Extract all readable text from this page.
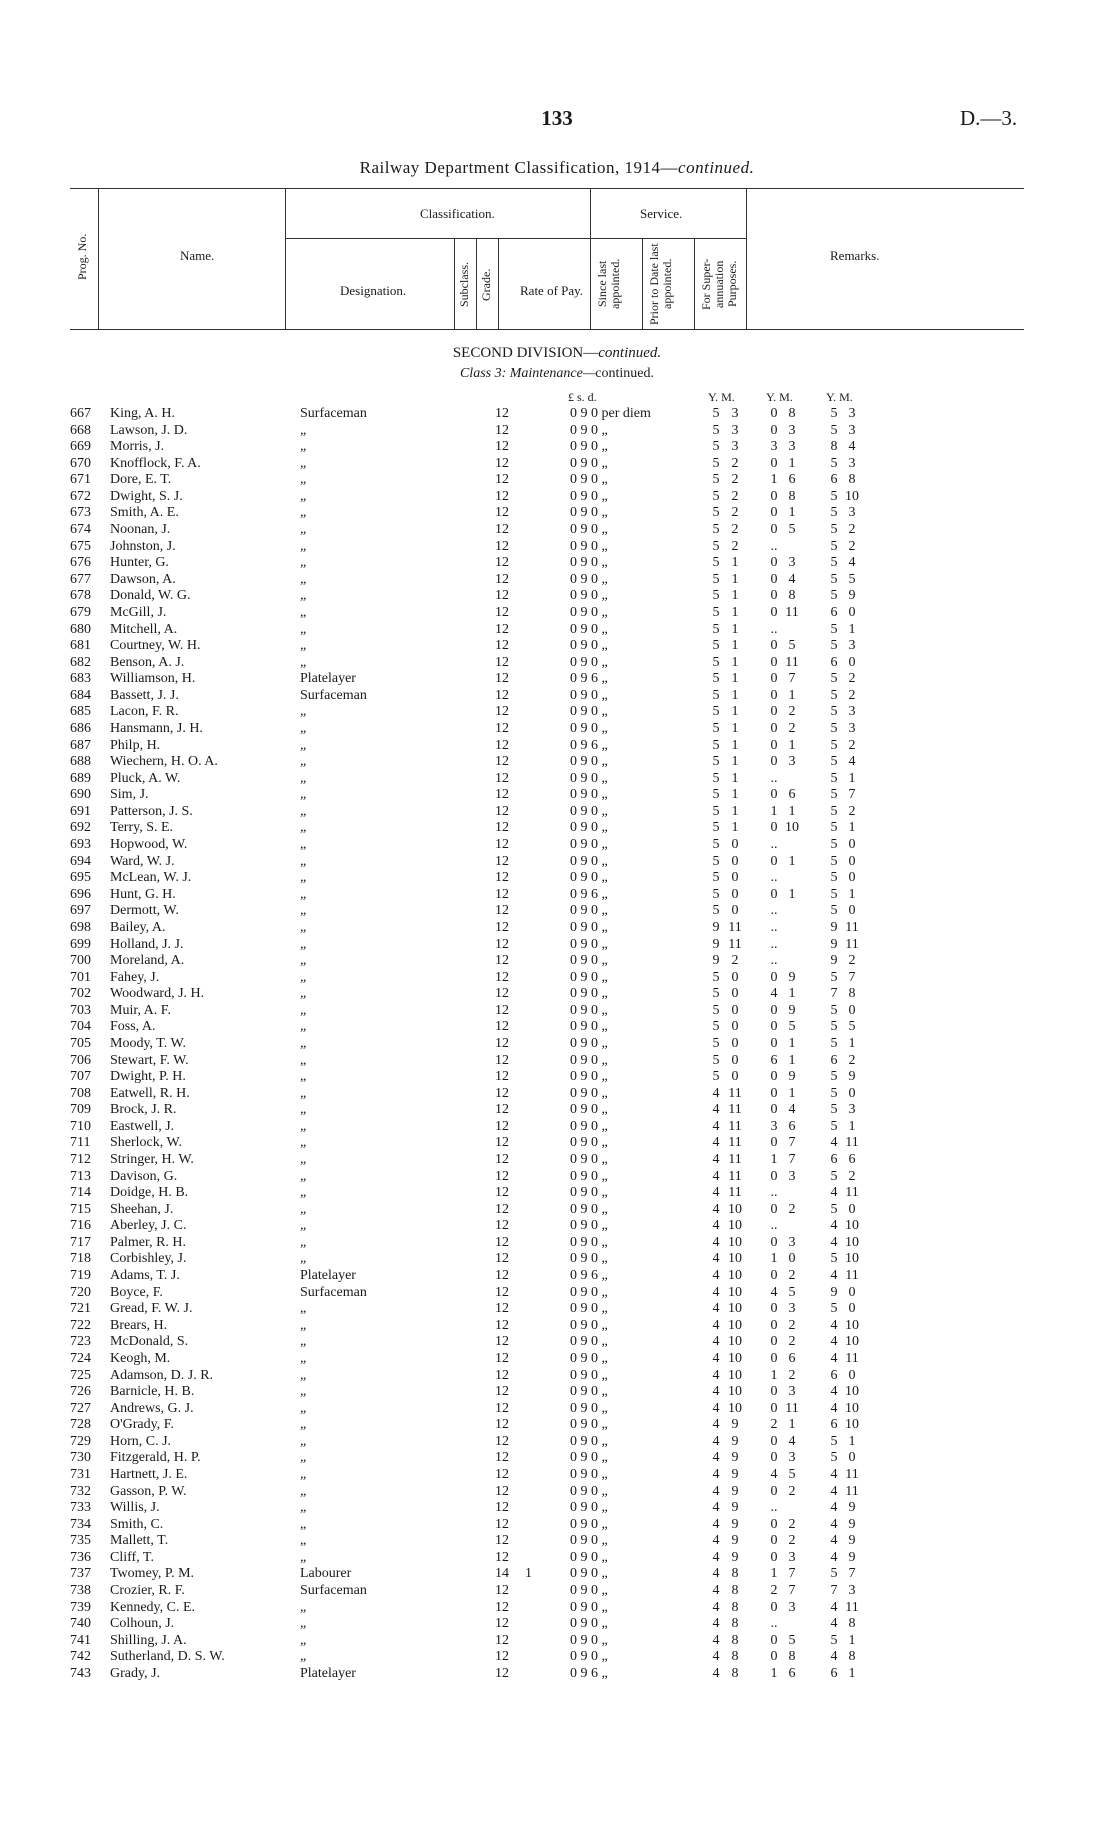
133	D.—3.
Railway Department Classification, 1914—continued.
Prog. No.	Name.
Classification.
Designation.	Subclass. Grade. Rate of Pay.
Service.
Since last appointed.	Prior to Date last appointed.	For Super-annuation Purposes.
Remarks.
SECOND DIVISION—continued.
Class 3: Maintenance—continued.
£ s. d.	Y. M.	Y. M.	Y. M.
667	King, A. H.	Surfaceman	12	0 9 0 per diem	5 3	0 8	5 3
668	Lawson, J. D.	„	12	0 9 0 „	5 3	0 3	5 3
669	Morris, J.	„	12	0 9 0 „	5 3	3 3	8 4
670	Knofflock, F. A.	„	12	0 9 0 „	5 2	0 1	5 3
671	Dore, E. T.	„	12	0 9 0 „	5 2	1 6	6 8
672	Dwight, S. J.	„	12	0 9 0 „	5 2	0 8	5 10
673	Smith, A. E.	„	12	0 9 0 „	5 2	0 1	5 3
674	Noonan, J.	„	12	0 9 0 „	5 2	0 5	5 2
675	Johnston, J.	„	12	0 9 0 „	5 2	..	5 2
676	Hunter, G.	„	12	0 9 0 „	5 1	0 3	5 4
677	Dawson, A.	„	12	0 9 0 „	5 1	0 4	5 5
678	Donald, W. G.	„	12	0 9 0 „	5 1	0 8	5 9
679	McGill, J.	„	12	0 9 0 „	5 1	0 11	6 0
680	Mitchell, A.	„	12	0 9 0 „	5 1	..	5 1
681	Courtney, W. H.	„	12	0 9 0 „	5 1	0 5	5 3
682	Benson, A. J.	„	12	0 9 0 „	5 1	0 11	6 0
683	Williamson, H.	Platelayer	12	0 9 6 „	5 1	0 7	5 2
684	Bassett, J. J.	Surfaceman	12	0 9 0 „	5 1	0 1	5 2
685	Lacon, F. R.	„	12	0 9 0 „	5 1	0 2	5 3
686	Hansmann, J. H.	„	12	0 9 0 „	5 1	0 2	5 3
687	Philp, H.	„	12	0 9 6 „	5 1	0 1	5 2
688	Wiechern, H. O. A.	„	12	0 9 0 „	5 1	0 3	5 4
689	Pluck, A. W.	„	12	0 9 0 „	5 1	..	5 1
690	Sim, J.	„	12	0 9 0 „	5 1	0 6	5 7
691	Patterson, J. S.	„	12	0 9 0 „	5 1	1 1	5 2
692	Terry, S. E.	„	12	0 9 0 „	5 1	0 10	5 1
693	Hopwood, W.	„	12	0 9 0 „	5 0	..	5 0
694	Ward, W. J.	„	12	0 9 0 „	5 0	0 1	5 0
695	McLean, W. J.	„	12	0 9 0 „	5 0	..	5 0
696	Hunt, G. H.	„	12	0 9 6 „	5 0	0 1	5 1
697	Dermott, W.	„	12	0 9 0 „	5 0	..	5 0
698	Bailey, A.	„	12	0 9 0 „	9 11	..	9 11
699	Holland, J. J.	„	12	0 9 0 „	9 11	..	9 11
700	Moreland, A.	„	12	0 9 0 „	9 2	..	9 2
701	Fahey, J.	„	12	0 9 0 „	5 0	0 9	5 7
702	Woodward, J. H.	„	12	0 9 0 „	5 0	4 1	7 8
703	Muir, A. F.	„	12	0 9 0 „	5 0	0 9	5 0
704	Foss, A.	„	12	0 9 0 „	5 0	0 5	5 5
705	Moody, T. W.	„	12	0 9 0 „	5 0	0 1	5 1
706	Stewart, F. W.	„	12	0 9 0 „	5 0	6 1	6 2
707	Dwight, P. H.	„	12	0 9 0 „	5 0	0 9	5 9
708	Eatwell, R. H.	„	12	0 9 0 „	4 11	0 1	5 0
709	Brock, J. R.	„	12	0 9 0 „	4 11	0 4	5 3
710	Eastwell, J.	„	12	0 9 0 „	4 11	3 6	5 1
711	Sherlock, W.	„	12	0 9 0 „	4 11	0 7	4 11
712	Stringer, H. W.	„	12	0 9 0 „	4 11	1 7	6 6
713	Davison, G.	„	12	0 9 0 „	4 11	0 3	5 2
714	Doidge, H. B.	„	12	0 9 0 „	4 11	..	4 11
715	Sheehan, J.	„	12	0 9 0 „	4 10	0 2	5 0
716	Aberley, J. C.	„	12	0 9 0 „	4 10	..	4 10
717	Palmer, R. H.	„	12	0 9 0 „	4 10	0 3	4 10
718	Corbishley, J.	„	12	0 9 0 „	4 10	1 0	5 10
719	Adams, T. J.	Platelayer	12	0 9 6 „	4 10	0 2	4 11
720	Boyce, F.	Surfaceman	12	0 9 0 „	4 10	4 5	9 0
721	Gread, F. W. J.	„	12	0 9 0 „	4 10	0 3	5 0
722	Brears, H.	„	12	0 9 0 „	4 10	0 2	4 10
723	McDonald, S.	„	12	0 9 0 „	4 10	0 2	4 10
724	Keogh, M.	„	12	0 9 0 „	4 10	0 6	4 11
725	Adamson, D. J. R.	„	12	0 9 0 „	4 10	1 2	6 0
726	Barnicle, H. B.	„	12	0 9 0 „	4 10	0 3	4 10
727	Andrews, G. J.	„	12	0 9 0 „	4 10	0 11	4 10
728	O'Grady, F.	„	12	0 9 0 „	4 9	2 1	6 10
729	Horn, C. J.	„	12	0 9 0 „	4 9	0 4	5 1
730	Fitzgerald, H. P.	„	12	0 9 0 „	4 9	0 3	5 0
731	Hartnett, J. E.	„	12	0 9 0 „	4 9	4 5	4 11
732	Gasson, P. W.	„	12	0 9 0 „	4 9	0 2	4 11
733	Willis, J.	„	12	0 9 0 „	4 9	..	4 9
734	Smith, C.	„	12	0 9 0 „	4 9	0 2	4 9
735	Mallett, T.	„	12	0 9 0 „	4 9	0 2	4 9
736	Cliff, T.	„	12	0 9 0 „	4 9	0 3	4 9
737	Twomey, P. M.	Labourer	14	1	0 9 0 „	4 8	1 7	5 7
738	Crozier, R. F.	Surfaceman	12	0 9 0 „	4 8	2 7	7 3
739	Kennedy, C. E.	„	12	0 9 0 „	4 8	0 3	4 11
740	Colhoun, J.	„	12	0 9 0 „	4 8	..	4 8
741	Shilling, J. A.	„	12	0 9 0 „	4 8	0 5	5 1
742	Sutherland, D. S. W.	„	12	0 9 0 „	4 8	0 8	4 8
743	Grady, J.	Platelayer	12	0 9 6 „	4 8	1 6	6 1
